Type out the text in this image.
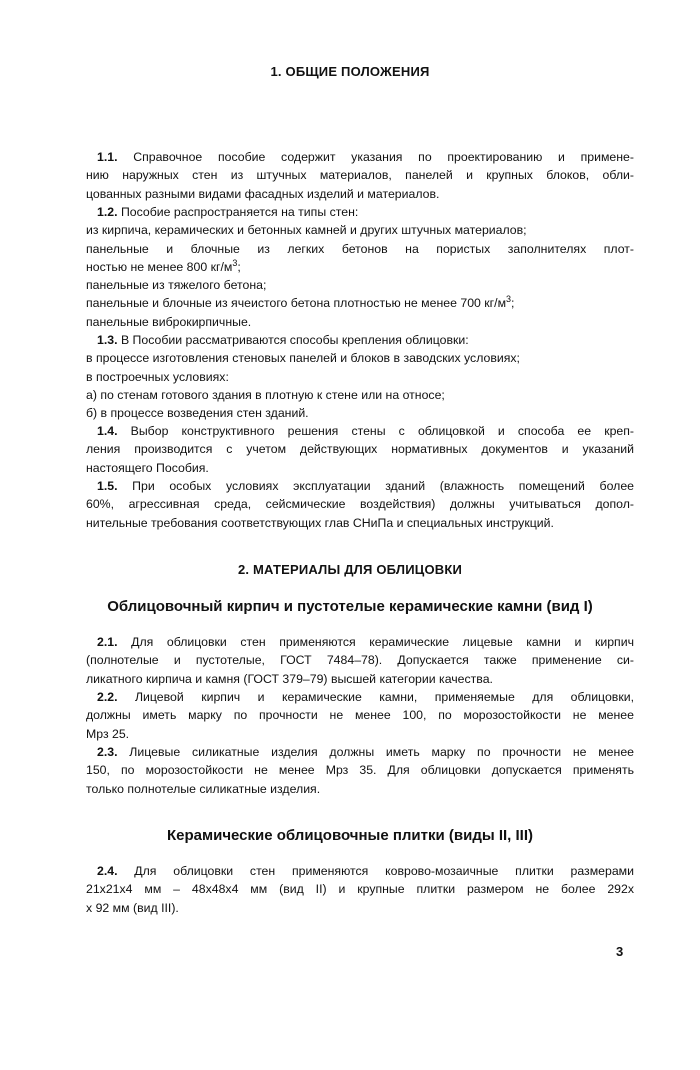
1. ОБЩИЕ ПОЛОЖЕНИЯ
1.1. Справочное пособие содержит указания по проектированию и примене-
нию наружных стен из штучных материалов, панелей и крупных блоков, обли-
цованных разными видами фасадных изделий и материалов.
1.2. Пособие распространяется на типы стен:
из кирпича, керамических и бетонных камней и других штучных материалов;
панельные и блочные из легких бетонов на пористых заполнителях плот-
ностью не менее 800 $кг/м^3$;
панельные из тяжелого бетона;
панельные и блочные из ячеистого бетона плотностью не менее 700 $кг/м^3$;
панельные виброкирпичные.
1.3. В Пособии рассматриваются способы крепления облицовки:
в процессе изготовления стеновых панелей и блоков в заводских условиях;
в построечных условиях:
а) по стенам готового здания в плотную к стене или на относе;
б) в процессе возведения стен зданий.
1.4. Выбор конструктивного решения стены с облицовкой и способа ее креп-
ления производится с учетом действующих нормативных документов и указаний
настоящего Пособия.
1.5. При особых условиях эксплуатации зданий (влажность помещений более
60%, агрессивная среда, сейсмические воздействия) должны учитываться допол-
нительные требования соответствующих глав СНиПа и специальных инструкций.
2. МАТЕРИАЛЫ ДЛЯ ОБЛИЦОВКИ
Облицовочный кирпич и пустотелые керамические камни (вид I)
2.1. Для облицовки стен применяются керамические лицевые камни и кирпич
(полнотелые и пустотелые, ГОСТ 7484–78). Допускается также применение си-
ликатного кирпича и камня (ГОСТ 379–79) высшей категории качества.
2.2. Лицевой кирпич и керамические камни, применяемые для облицовки,
должны иметь марку по прочности не менее 100, по морозостойкости не менее
Мрз 25.
2.3. Лицевые силикатные изделия должны иметь марку по прочности не менее
150, по морозостойкости не менее Мрз 35. Для облицовки допускается применять
только полнотелые силикатные изделия.
Керамические облицовочные плитки (виды II, III)
2.4. Для облицовки стен применяются коврово-мозаичные плитки размерами
21x21x4 мм – 48x48x4 мм (вид II) и крупные плитки размером не более 292x
x 92 мм (вид III).
3
